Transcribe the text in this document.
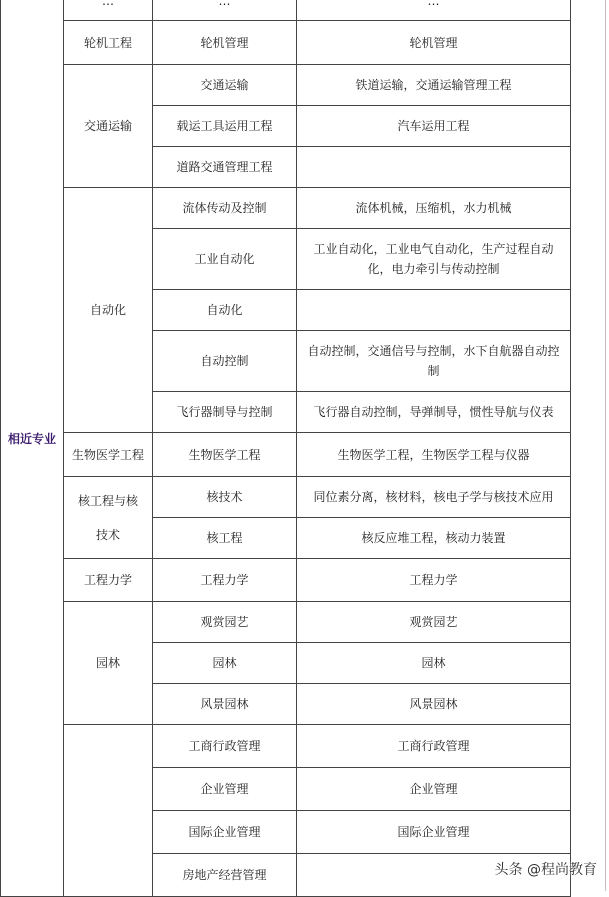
相近专业	…	…	…
	轮机工程	轮机管理	轮机管理
	交通运输	交通运输	铁道运输，交通运输管理工程
		载运工具运用工程	汽车运用工程
		道路交通管理工程	
	自动化	流体传动及控制	流体机械，压缩机，水力机械
		工业自动化	工业自动化，工业电气自动化，生产过程自动化，电力牵引与传动控制
		自动化	
		自动控制	自动控制，交通信号与控制，水下自航器自动控制
		飞行器制导与控制	飞行器自动控制，导弹制导，惯性导航与仪表
	生物医学工程	生物医学工程	生物医学工程，生物医学工程与仪器
	核工程与核技术	核技术	同位素分离，核材料，核电子学与核技术应用
		核工程	核反应堆工程，核动力装置
	工程力学	工程力学	工程力学
	园林	观赏园艺	观赏园艺
		园林	园林
		风景园林	风景园林
		工商行政管理	工商行政管理
		企业管理	企业管理
		国际企业管理	国际企业管理
		房地产经营管理		头条 @程尚教育
